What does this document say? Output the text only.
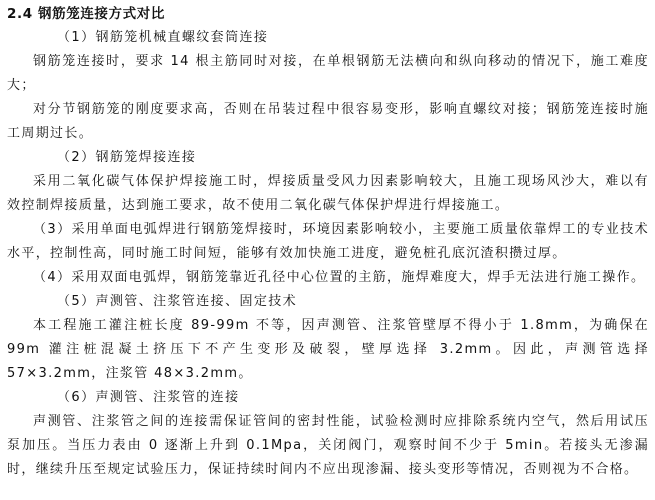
2.4 钢筋笼连接方式对比
（1）钢筋笼机械直螺纹套筒连接
钢筋笼连接时，要求 14 根主筋同时对接，在单根钢筋无法横向和纵向移动的情况下，施工难度大；
对分节钢筋笼的刚度要求高，否则在吊装过程中很容易变形，影响直螺纹对接；钢筋笼连接时施工周期过长。
（2）钢筋笼焊接连接
采用二氧化碳气体保护焊接施工时，焊接质量受风力因素影响较大，且施工现场风沙大，难以有效控制焊接质量，达到施工要求，故不使用二氧化碳气体保护焊进行焊接施工。
（3）采用单面电弧焊进行钢筋笼焊接时，环境因素影响较小，主要施工质量依靠焊工的专业技术水平，控制性高，同时施工时间短，能够有效加快施工进度，避免桩孔底沉渣积攒过厚。
（4）采用双面电弧焊，钢筋笼靠近孔径中心位置的主筋，施焊难度大，焊手无法进行施工操作。
（5）声测管、注浆管连接、固定技术
本工程施工灌注桩长度 89-99m 不等，因声测管、注浆管壁厚不得小于 1.8mm，为确保在 99m 灌注桩混凝土挤压下不产生变形及破裂，壁厚选择 3.2mm。因此，声测管选择 57×3.2mm，注浆管 48×3.2mm。
（6）声测管、注浆管的连接
声测管、注浆管之间的连接需保证管间的密封性能，试验检测时应排除系统内空气，然后用试压泵加压。当压力表由 0 逐渐上升到 0.1Mpa，关闭阀门，观察时间不少于 5min。若接头无渗漏时，继续升压至规定试验压力，保证持续时间内不应出现渗漏、接头变形等情况，否则视为不合格。
